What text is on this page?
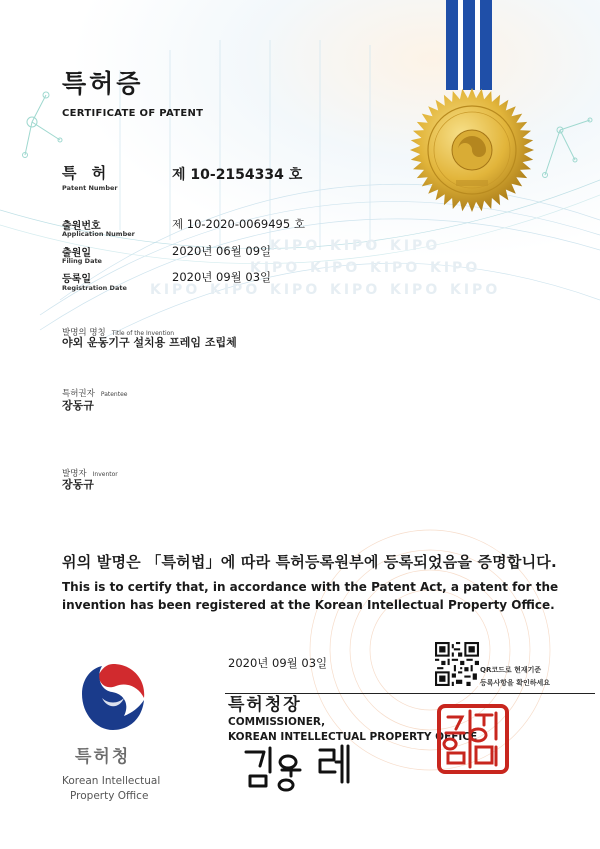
KIPO KIPO KIPO
KIPO KIPO KIPO KIPO
KIPO KIPO KIPO KIPO KIPO KIPO
특허증
CERTIFICATE OF PATENT
특 허
Patent Number
제 10-2154334 호
출원번호
Application Number
제 10-2020-0069495 호
출원일
Filing Date
2020년 06월 09일
등록일
Registration Date
2020년 09월 03일
발명의 명칭 Title of the Invention
야외 운동기구 설치용 프레임 조립체
특허권자 Patentee
장동규
발명자 Inventor
장동규
위의 발명은 「특허법」에 따라 특허등록원부에 등록되었음을 증명합니다.
This is to certify that, in accordance with the Patent Act, a patent for the invention has been registered at the Korean Intellectual Property Office.
2020년 09월 03일	QR코드로 현재기준
등록사항을 확인하세요
특허청장
COMMISSIONER,
KOREAN INTELLECTUAL PROPERTY OFFICE
특허청
Korean Intellectual
Property Office
